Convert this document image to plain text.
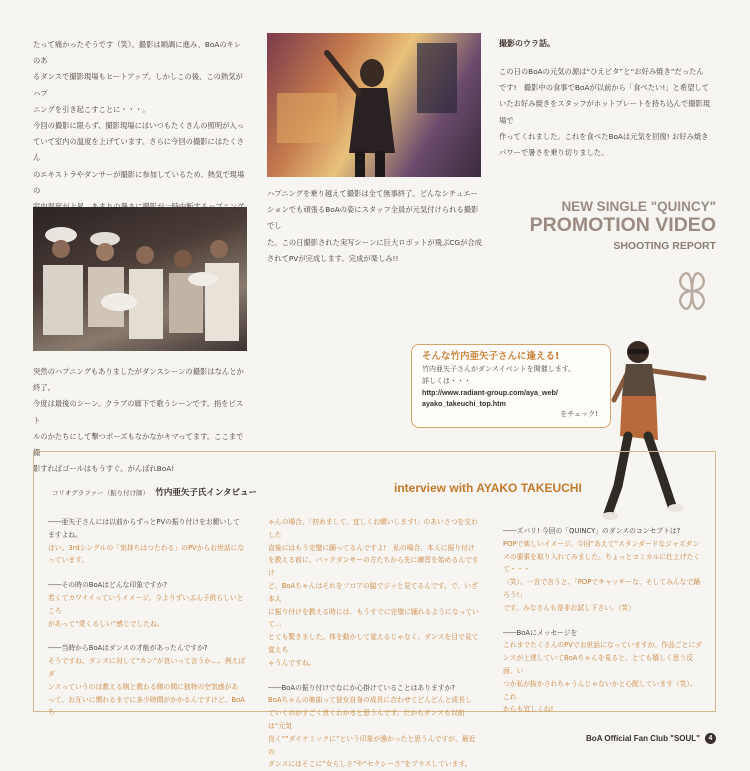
たって痛かったそうです（笑）。撮影は順調に進み、BoAのキレのあ
るダンスで撮影現場もヒートアップ。しかしこの後、この熱気がハプ
ニングを引き起こすことに・・・。
今回の撮影に限らず、撮影現場にはいつもたくさんの照明が入っ
ていて室内の温度を上げています。さらに今回の撮影にはたくさん
のエキストラやダンサーが撮影に参加しているため、熱気で現場の	ハプニングを乗り越えて撮影は全て無事終了。どんなシチュエー
ションでも頑張るBoAの姿にスタッフ全員が元気付けられる撮影でし
た。この日撮影された実写シーンに巨大ロボットが飛ぶCGが合成
されてPVが完成します。完成が楽しみ!!
突然のハプニングもありましたがダンスシーンの撮影はなんとか終了。
今度は最後のシーン。クラブの廊下で歌うシーンです。指をピスト
ルのかたちにして撃つポーズもなかなかキマってます。ここまで撮
影すればゴールはもうすぐ。がんばれBoA!
撮影のウラ話。
この日のBoAの元気の源は“ひえピタ”と“お好み焼き”だったん
です!　撮影中の食事でBoAが以前から「食べたい!」と希望して
いたお好み焼きをスタッフがホットプレートを持ち込んで撮影現場で
作ってくれました。これを食べたBoAは元気を回復! お好み焼き
パワーで暑さを乗り切りました。
NEW SINGLE "QUINCY"
PROMOTION VIDEO
SHOOTING REPORT
そんな竹内亜矢子さんに逢える!
竹内亜矢子さんがダンスイベントを開催します。
詳しくは・・・
http://www.radiant-group.com/aya_web/
ayako_takeuchi_top.htm
をチェック!
コリオグラファー（振り付け師） 竹内亜矢子氏インタビュー	interview with AYAKO TAKEUCHI
――亜矢子さんには以前からずっとPVの振り付けをお願いして
ますよね。
はい。3rdシングルの「気持ちはつたわる」のPVからお世話にな
っています。
――その時のBoAはどんな印象ですか?
若くてカワイイっていうイメージ。今よりずいぶん子供らしいところ
があって“愛くるしい”感じでしたね。
――当時からBoAはダンスの才能があったんですか?
そうですね。ダンスに対して“カン”が良いって言うか…。例えばダ
ンスっていうのは教える側と教わる側の間に独特の空気感があ
って、お互いに慣れるまでに多少時間がかかるんですけど、BoAち
ゃんの場合、「初めまして、宜しくお願いします!」のあいさつを交わした
直後にはもう完璧に踊ってるんですよ!　私の場合、本人に振り付け
を教える前に、バックダンサーの方たちから先に練習を始めるんですけ
ど、BoAちゃんはそれをフロアの脇でジッと見てるんです。で、いざ本人
に振り付けを教える時には、もうすでに完璧に踊れるようになっていて…
とても驚きました。体を動かして覚えるじゃなく、ダンスを目で見て覚えち
ゃうんですね。
――BoAの振り付けでなにか心掛けていることはありますか?
BoAちゃんの楽曲って彼女自身の成長に合わせてどんどんと成長し
ていくのがすごく良くわかると思うんです。だからダンスも以前は“元気
良く”“ダイナミックに”という印象が強かったと思うんですが、最近の
ダンスにはそこに“女らしさ”や“セクシーさ”をプラスしています。
――ズバリ! 今回の「QUINCY」のダンスのコンセプトは?
POPで楽しいイメージ。今回“あえて”スタンダードなジャズダン
スの要素を取り入れてみました。ちょっとコミカルに仕上げたくて・・・
（笑）。一言で言うと、「POPでキャッチーな、そしてみんなで踊ろう!」
です。みなさんも是非お試し下さい。（笑）
――BoAにメッセージを
これまでたくさんのPVでお世話になっていますが、作品ごとにダ
ンスが上達していてBoAちゃんを見ると、とても嬉しく思う反面、い
つか私が抜かされちゃうんじゃないかと心配しています（笑）。これ
からも宜しくね!
BoA Official Fan Club "SOUL"	4
